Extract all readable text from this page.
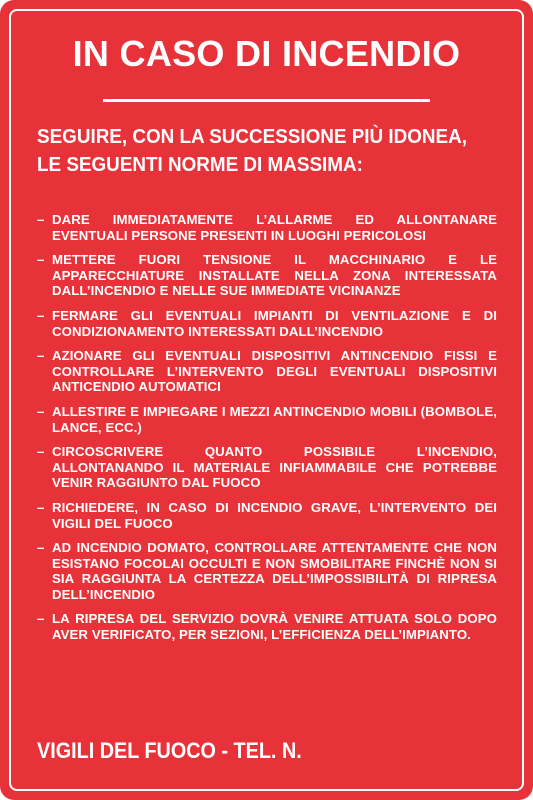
IN CASO DI INCENDIO
SEGUIRE, CON LA SUCCESSIONE PIÙ IDONEA,
LE SEGUENTI NORME DI MASSIMA:
– DARE IMMEDIATAMENTE L’ALLARME ED ALLONTANARE EVENTUALI PERSONE PRESENTI IN LUOGHI PERICOLOSI
– METTERE FUORI TENSIONE IL MACCHINARIO E LE APPARECCHIATURE INSTALLATE NELLA ZONA INTERESSATA DALL’INCENDIO E NELLE SUE IMMEDIATE VICINANZE
– FERMARE GLI EVENTUALI IMPIANTI DI VENTILAZIONE E DI CONDIZIONAMENTO INTERESSATI DALL’INCENDIO
– AZIONARE GLI EVENTUALI DISPOSITIVI ANTINCENDIO FISSI E CONTROLLARE L’INTERVENTO DEGLI EVENTUALI DISPOSITIVI ANTICENDIO AUTOMATICI
– ALLESTIRE E IMPIEGARE I MEZZI ANTINCENDIO MOBILI (BOMBOLE, LANCE, ECC.)
– CIRCOSCRIVERE QUANTO POSSIBILE L’INCENDIO, ALLONTANANDO IL MATERIALE INFIAMMABILE CHE POTREBBE VENIR RAGGIUNTO DAL FUOCO
– RICHIEDERE, IN CASO DI INCENDIO GRAVE, L’INTERVENTO DEI VIGILI DEL FUOCO
– AD INCENDIO DOMATO, CONTROLLARE ATTENTAMENTE CHE NON ESISTANO FOCOLAI OCCULTI E NON SMOBILITARE FINCHÈ NON SI SIA RAGGIUNTA LA CERTEZZA DELL’IMPOSSIBILITÀ DI RIPRESA DELL’INCENDIO
– LA RIPRESA DEL SERVIZIO DOVRÀ VENIRE ATTUATA SOLO DOPO AVER VERIFICATO, PER SEZIONI, L’EFFICIENZA DELL’IMPIANTO.
VIGILI DEL FUOCO - TEL. N.
